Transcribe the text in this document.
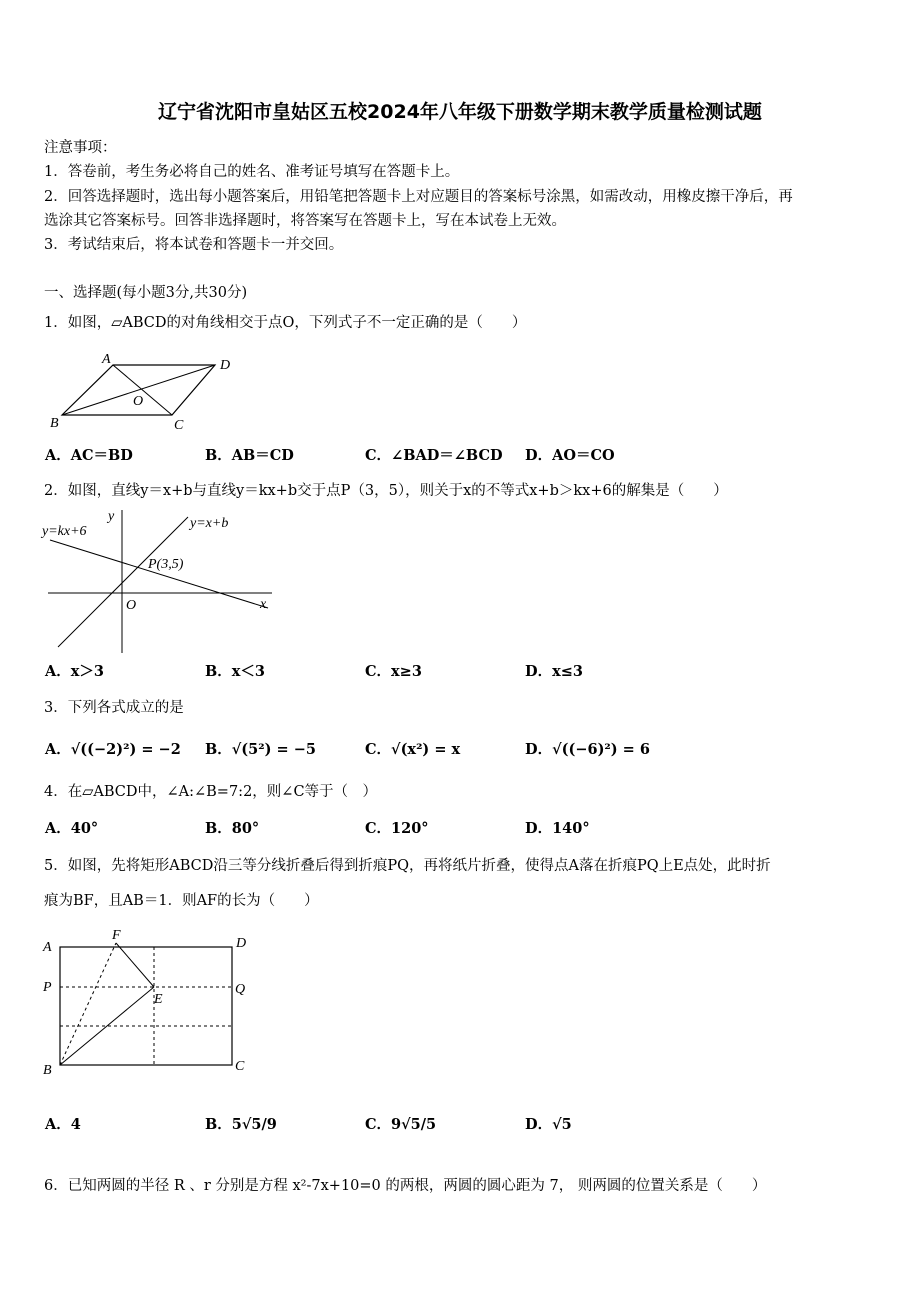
辽宁省沈阳市皇姑区五校2024年八年级下册数学期末教学质量检测试题
注意事项：
1．答卷前，考生务必将自己的姓名、准考证号填写在答题卡上。
2．回答选择题时，选出每小题答案后，用铅笔把答题卡上对应题目的答案标号涂黑，如需改动，用橡皮擦干净后，再
选涂其它答案标号。回答非选择题时，将答案写在答题卡上，写在本试卷上无效。
3．考试结束后，将本试卷和答题卡一并交回。
一、选择题(每小题3分,共30分)
1．如图，▱ABCD的对角线相交于点O，下列式子不一定正确的是（　　）
A	D
B	C
O
A．AC＝BD	B．AB＝CD	C．∠BAD＝∠BCD D．AO＝CO
2．如图，直线y＝x+b与直线y＝kx+b交于点P（3，5），则关于x的不等式x+b＞kx+6的解集是（　　）
y=kx+6
y	y=x+b
P(3,5)
O	x
A．x＞3	B．x＜3	C．x≥3	D．x≤3
3．下列各式成立的是
A．√((−2)²) = −2 B．√(5²) = −5	C．√(x²) = x	D．√((−6)²) = 6
4．在▱ABCD中，∠A:∠B=7:2，则∠C等于（　）
A．40°	B．80°	C．120°	D．140°
5．如图，先将矩形ABCD沿三等分线折叠后得到折痕PQ，再将纸片折叠，使得点A落在折痕PQ上E点处，此时折
痕为BF，且AB＝1．则AF的长为（　　）
A
F
D
P
E
Q
B	C
A．4	B．5√5/9	C．9√5/5	D．√5
6．已知两圆的半径 R 、r 分别是方程 x²-7x+10=0 的两根，两圆的圆心距为 7， 则两圆的位置关系是（　　）
